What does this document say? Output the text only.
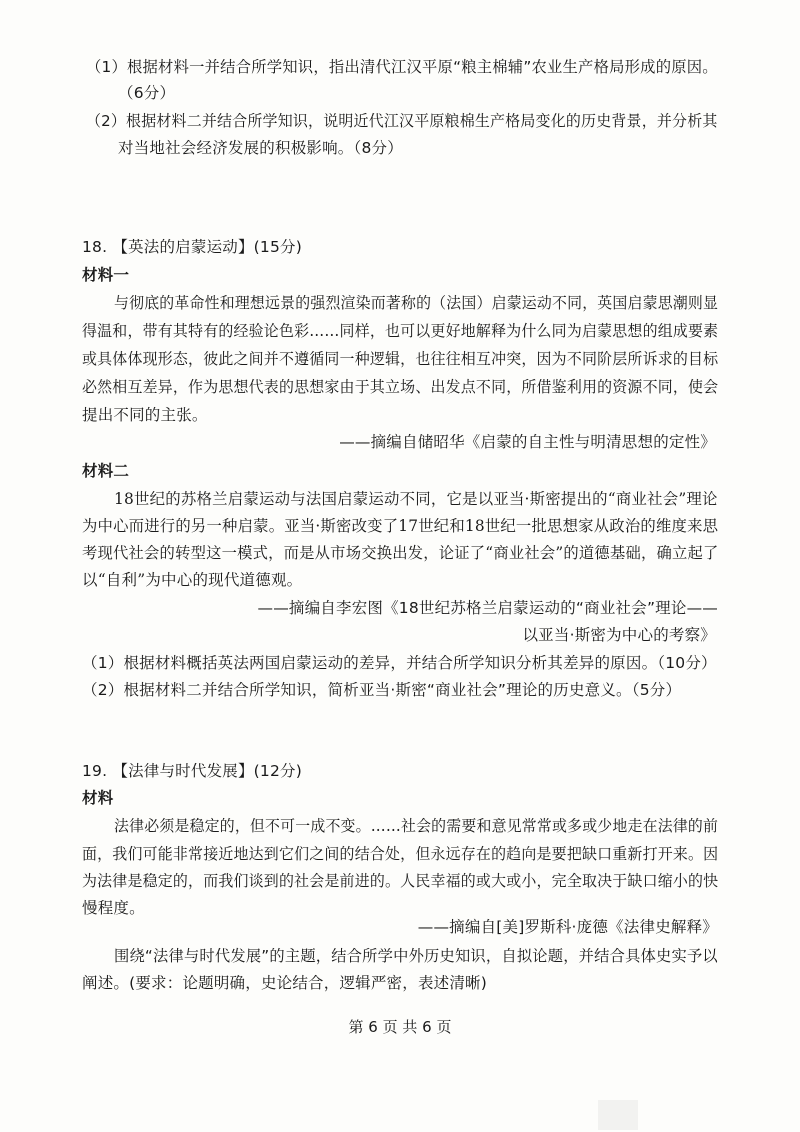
（1）根据材料一并结合所学知识，指出清代江汉平原“粮主棉辅”农业生产格局形成的原因。
（6分）
（2）根据材料二并结合所学知识，说明近代江汉平原粮棉生产格局变化的历史背景，并分析其
对当地社会经济发展的积极影响。（8分）
18. 【英法的启蒙运动】(15分)
材料一
与彻底的革命性和理想远景的强烈渲染而著称的（法国）启蒙运动不同，英国启蒙思潮则显
得温和，带有其特有的经验论色彩……同样，也可以更好地解释为什么同为启蒙思想的组成要素
或具体体现形态，彼此之间并不遵循同一种逻辑，也往往相互冲突，因为不同阶层所诉求的目标
必然相互差异，作为思想代表的思想家由于其立场、出发点不同，所借鉴利用的资源不同，使会
提出不同的主张。
——摘编自储昭华《启蒙的自主性与明清思想的定性》
材料二
18世纪的苏格兰启蒙运动与法国启蒙运动不同，它是以亚当·斯密提出的“商业社会”理论
为中心而进行的另一种启蒙。亚当·斯密改变了17世纪和18世纪一批思想家从政治的维度来思
考现代社会的转型这一模式，而是从市场交换出发，论证了“商业社会”的道德基础，确立起了
以“自利”为中心的现代道德观。
——摘编自李宏图《18世纪苏格兰启蒙运动的“商业社会”理论——
以亚当·斯密为中心的考察》
（1）根据材料概括英法两国启蒙运动的差异，并结合所学知识分析其差异的原因。（10分）
（2）根据材料二并结合所学知识，简析亚当·斯密“商业社会”理论的历史意义。（5分）
19. 【法律与时代发展】(12分)
材料
法律必须是稳定的，但不可一成不变。……社会的需要和意见常常或多或少地走在法律的前
面，我们可能非常接近地达到它们之间的结合处，但永远存在的趋向是要把缺口重新打开来。因
为法律是稳定的，而我们谈到的社会是前进的。人民幸福的或大或小，完全取决于缺口缩小的快
慢程度。
——摘编自[美]罗斯科·庞德《法律史解释》
围绕“法律与时代发展”的主题，结合所学中外历史知识，自拟论题，并结合具体史实予以
阐述。(要求：论题明确，史论结合，逻辑严密，表述清晰)
第 6 页 共 6 页
